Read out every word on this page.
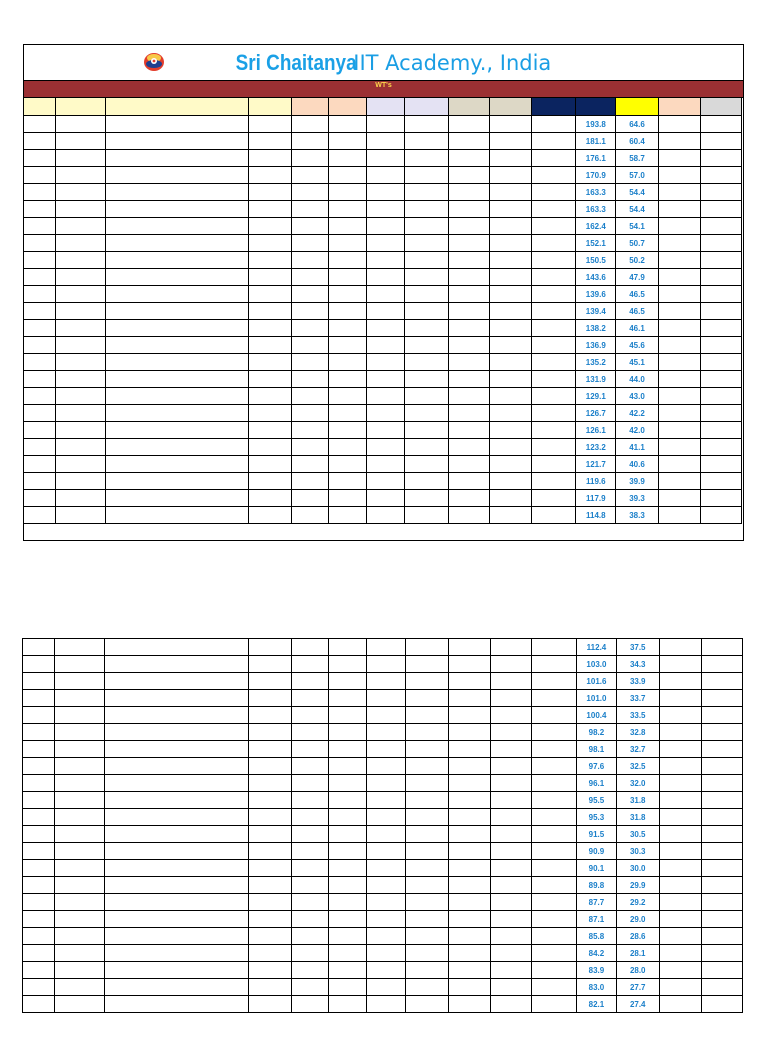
Sri Chaitanya IIT Academy., India
WT's

											193.8	64.6		
											181.1	60.4		
											176.1	58.7		
											170.9	57.0		
											163.3	54.4		
											163.3	54.4		
											162.4	54.1		
											152.1	50.7		
											150.5	50.2		
											143.6	47.9		
											139.6	46.5		
											139.4	46.5		
											138.2	46.1		
											136.9	45.6		
											135.2	45.1		
											131.9	44.0		
											129.1	43.0		
											126.7	42.2		
											126.1	42.0		
											123.2	41.1		
											121.7	40.6		
											119.6	39.9		
											117.9	39.3		
											114.8	38.3		
											112.4	37.5		
											103.0	34.3		
											101.6	33.9		
											101.0	33.7		
											100.4	33.5		
											98.2	32.8		
											98.1	32.7		
											97.6	32.5		
											96.1	32.0		
											95.5	31.8		
											95.3	31.8		
											91.5	30.5		
											90.9	30.3		
											90.1	30.0		
											89.8	29.9		
											87.7	29.2		
											87.1	29.0		
											85.8	28.6		
											84.2	28.1		
											83.9	28.0		
											83.0	27.7		
											82.1	27.4		
